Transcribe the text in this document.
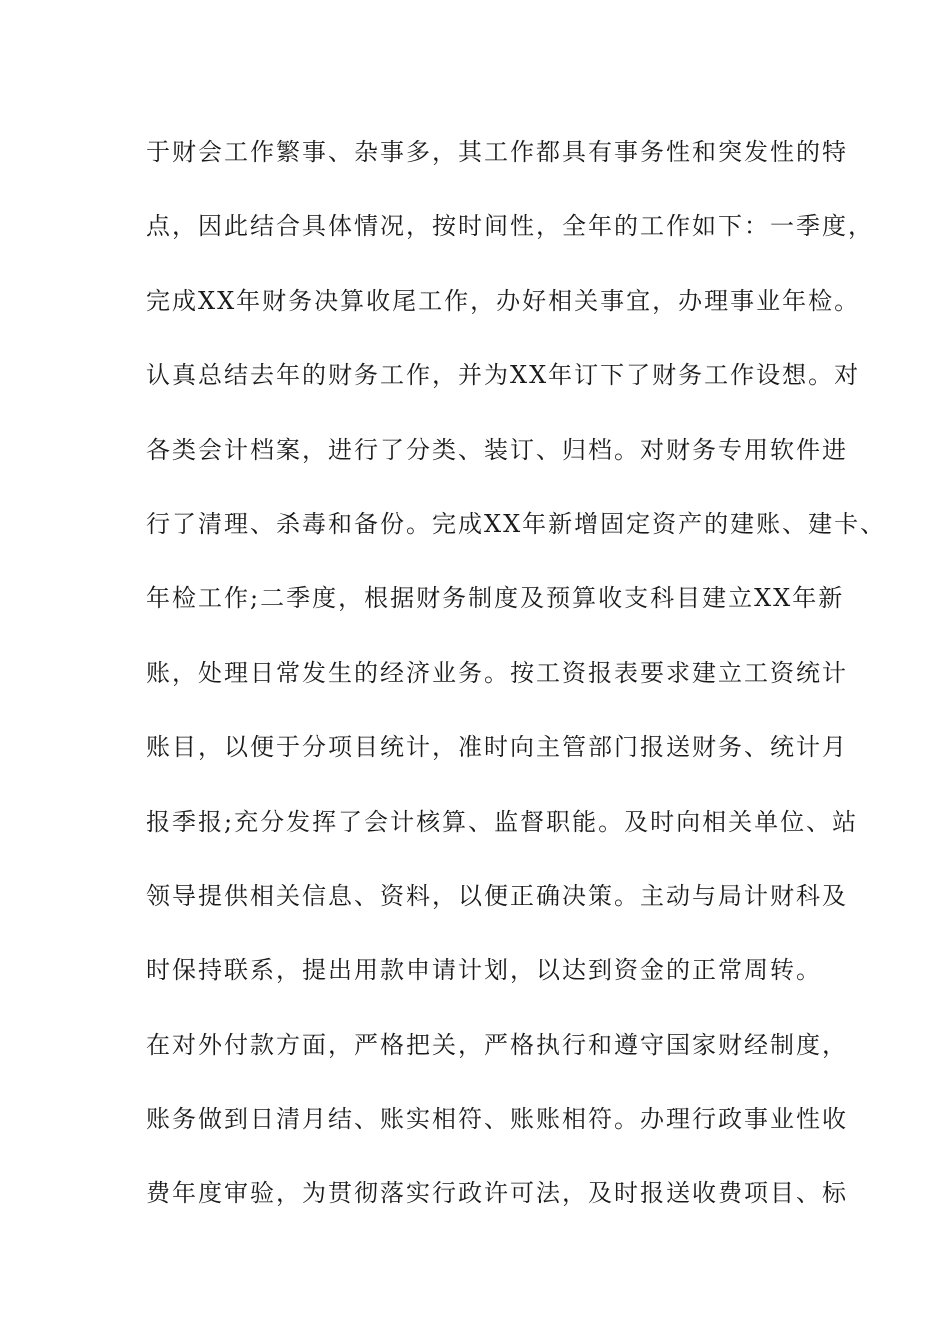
于财会工作繁事、杂事多，其工作都具有事务性和突发性的特
点，因此结合具体情况，按时间性，全年的工作如下：一季度，
完成XX年财务决算收尾工作，办好相关事宜，办理事业年检。
认真总结去年的财务工作，并为XX年订下了财务工作设想。对
各类会计档案，进行了分类、装订、归档。对财务专用软件进
行了清理、杀毒和备份。完成XX年新增固定资产的建账、建卡、
年检工作;二季度，根据财务制度及预算收支科目建立XX年新
账，处理日常发生的经济业务。按工资报表要求建立工资统计
账目，以便于分项目统计，准时向主管部门报送财务、统计月
报季报;充分发挥了会计核算、监督职能。及时向相关单位、站
领导提供相关信息、资料，以便正确决策。主动与局计财科及
时保持联系，提出用款申请计划，以达到资金的正常周转。
在对外付款方面，严格把关，严格执行和遵守国家财经制度，
账务做到日清月结、账实相符、账账相符。办理行政事业性收
费年度审验，为贯彻落实行政许可法，及时报送收费项目、标
